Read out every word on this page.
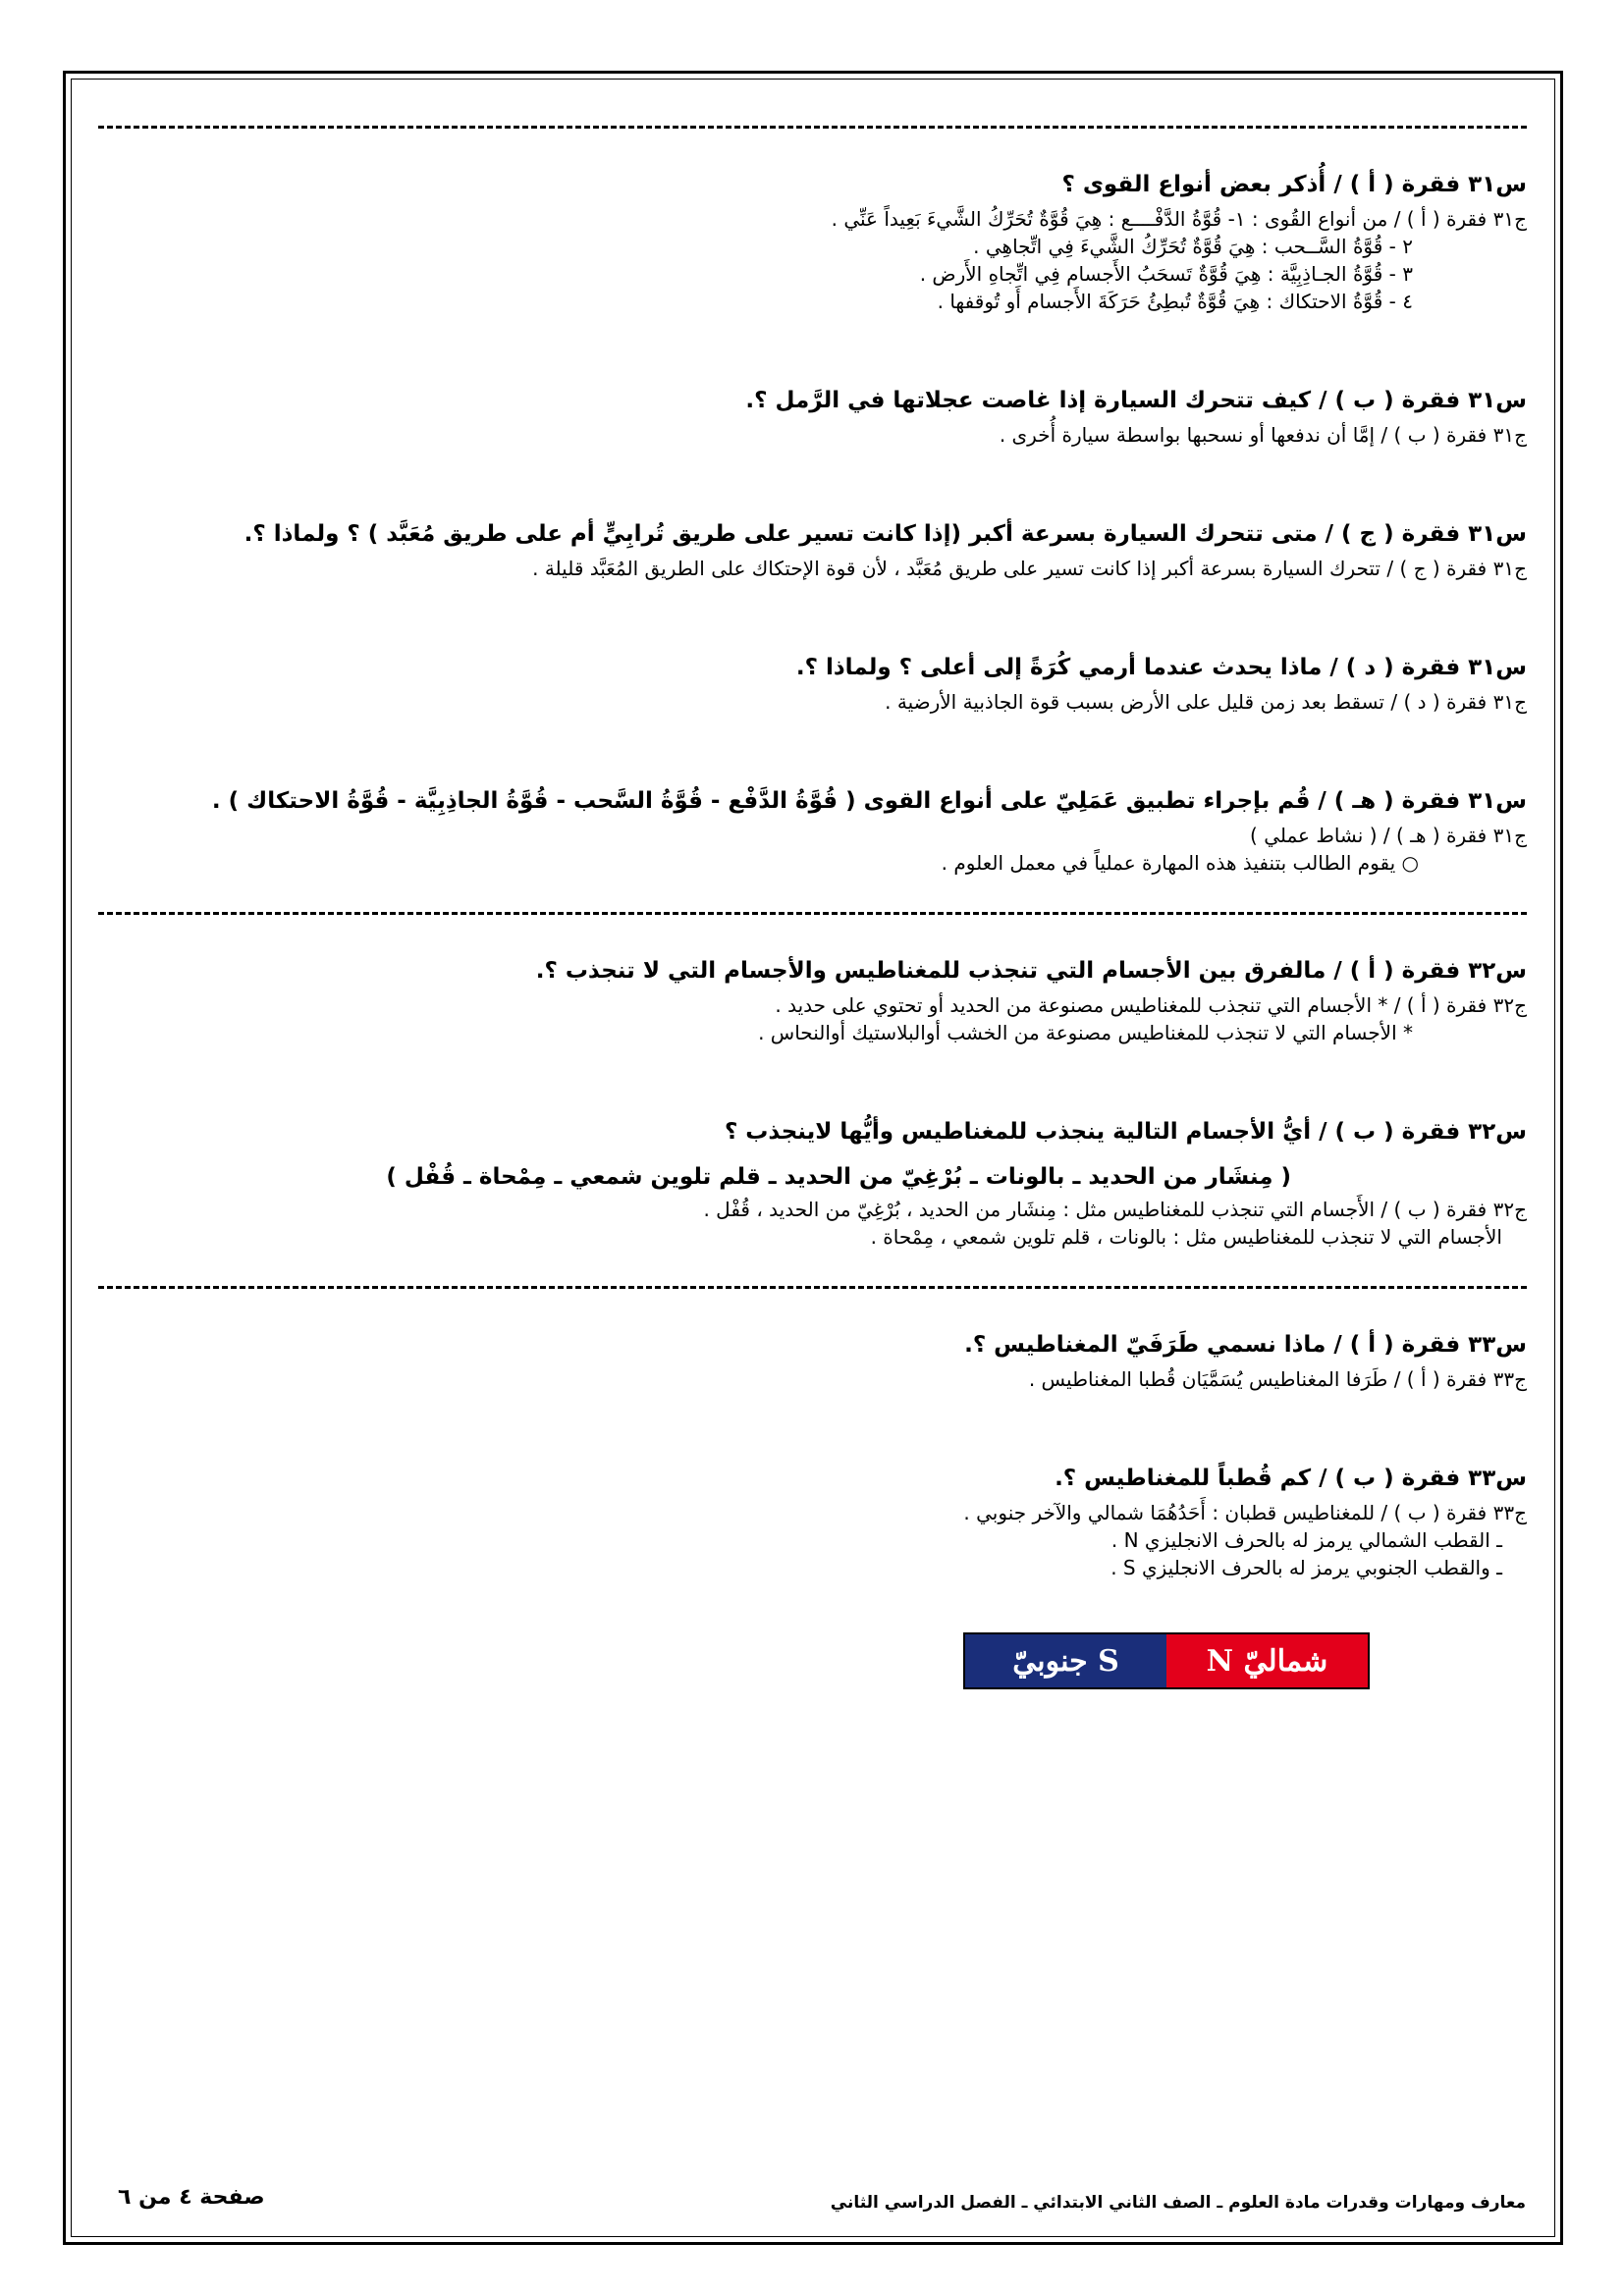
س٣١ فقرة ( أ ) / أُذكر بعض أنواع القوى ؟

ج٣١ فقرة ( أ ) / من أنواع القُوى : ١- قُوَّةُ الدَّفْــــع : هِيَ قُوَّةٌ تُحَرِّكُ الشَّيءَ بَعِيداً عَنِّي .

٢ - قُوَّةُ السَّــحب : هِيَ قُوَّةٌ تُحَرِّكُ الشَّيءَ فِي اتِّجاهِي .

٣ - قُوَّةُ الجـاذِبِيَّة : هِيَ قُوَّةٌ تَسحَبُ الأَجسام فِي اتِّجاهِ الأَرض .

٤ - قُوَّةُ الاحتكاك : هِيَ قُوَّةٌ تُبطِئُ حَرَكَةَ الأَجسام أَو تُوقفها .

س٣١ فقرة ( ب ) / كيف تتحرك السيارة إذا غاصت عجلاتها في الرَّمل ؟.

ج٣١ فقرة ( ب ) / إمَّا أن ندفعها أو نسحبها بواسطة سيارة أُخرى .

س٣١ فقرة ( ج ) / متى تتحرك السيارة بسرعة أكبر (إذا كانت تسير على طريق تُرابِيٍّ أم على طريق مُعَبَّد ) ؟ ولماذا ؟.

ج٣١ فقرة ( ج ) / تتحرك السيارة بسرعة أكبر إذا كانت تسير على طريق مُعَبَّد ، لأن قوة الإحتكاك على الطريق المُعَبَّد قليلة .

س٣١ فقرة ( د ) / ماذا يحدث عندما أرمي كُرَةً إلى أعلى ؟ ولماذا ؟.

ج٣١ فقرة ( د ) / تسقط بعد زمن قليل على الأرض بسبب قوة الجاذبية الأرضية .

س٣١ فقرة ( هـ ) / قُم بإجراء تطبيق عَمَلِيّ على أنواع القوى ( قُوَّةُ الدَّفْع - قُوَّةُ السَّحب - قُوَّةُ الجاذِبِيَّة - قُوَّةُ الاحتكاك ) .

ج٣١ فقرة ( هـ ) / ( نشاط عملي )

○ يقوم الطالب بتنفيذ هذه المهارة عملياً في معمل العلوم .

س٣٢ فقرة ( أ ) / مالفرق بين الأجسام التي تنجذب للمغناطيس والأجسام التي لا تنجذب ؟.

ج٣٢ فقرة ( أ ) / * الأجسام التي تنجذب للمغناطيس مصنوعة من الحديد أو تحتوي على حديد .

* الأجسام التي لا تنجذب للمغناطيس مصنوعة من الخشب أوالبلاستيك أوالنحاس .

س٣٢ فقرة ( ب ) / أيُّ الأجسام التالية ينجذب للمغناطيس وأيُّها لاينجذب ؟

( مِنشَار من الحديد ـ بالونات ـ بُرْغِيّ من الحديد ـ قلم تلوين شمعي ـ مِمْحاة ـ قُفْل )

ج٣٢ فقرة ( ب ) / الأَجسام التي تنجذب للمغناطيس مثل : مِنشَار من الحديد ، بُرْغِيّ من الحديد ، قُفْل .

الأجسام التي لا تنجذب للمغناطيس مثل : بالونات ، قلم تلوين شمعي ، مِمْحاة .

س٣٣ فقرة ( أ ) / ماذا نسمي طَرَفَيّ المغناطيس ؟.

ج٣٣ فقرة ( أ ) / طَرَفا المغناطيس يُسَمَّيَان قُطبا المغناطيس .

س٣٣ فقرة ( ب ) / كم قُطباً للمغناطيس ؟.

ج٣٣ فقرة ( ب ) / للمغناطيس قطبان : أَحَدُهُمَا شمالي والآخر جنوبي .

ـ القطب الشمالي يرمز له بالحرف الانجليزي N .

ـ والقطب الجنوبي يرمز له بالحرف الانجليزي S .

جنوبيّ S	N شماليّ
معارف ومهارات وقدرات مادة العلوم ـ الصف الثاني الابتدائي ـ الفصل الدراسي الثاني
صفحة ٤ من ٦
